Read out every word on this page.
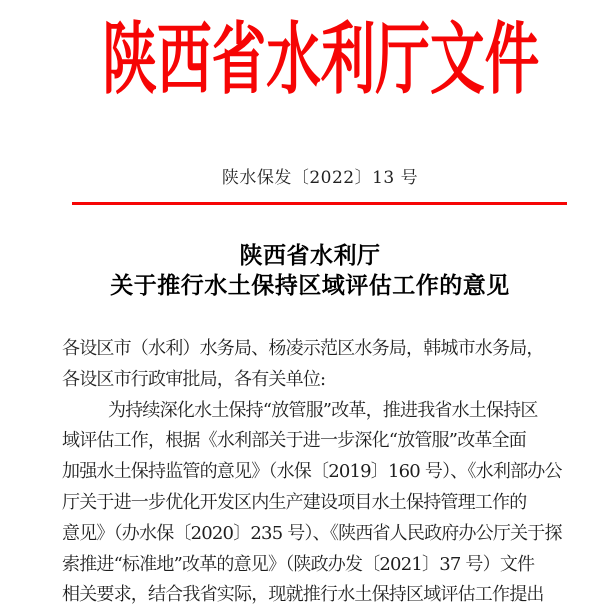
陕西省水利厅文件
陕水保发〔2022〕13 号
陕西省水利厅
关于推行水土保持区域评估工作的意见
各设区市（水利）水务局、杨凌示范区水务局，韩城市水务局，
各设区市行政审批局，各有关单位:
为持续深化水土保持“放管服”改革，推进我省水土保持区
域评估工作，根据《水利部关于进一步深化“放管服”改革全面
加强水土保持监管的意见》（水保〔2019〕160 号）、《水利部办公
厅关于进一步优化开发区内生产建设项目水土保持管理工作的
意见》（办水保〔2020〕235 号）、《陕西省人民政府办公厅关于探
索推进“标准地”改革的意见》（陕政办发〔2021〕37 号）文件
相关要求，结合我省实际，现就推行水土保持区域评估工作提出
